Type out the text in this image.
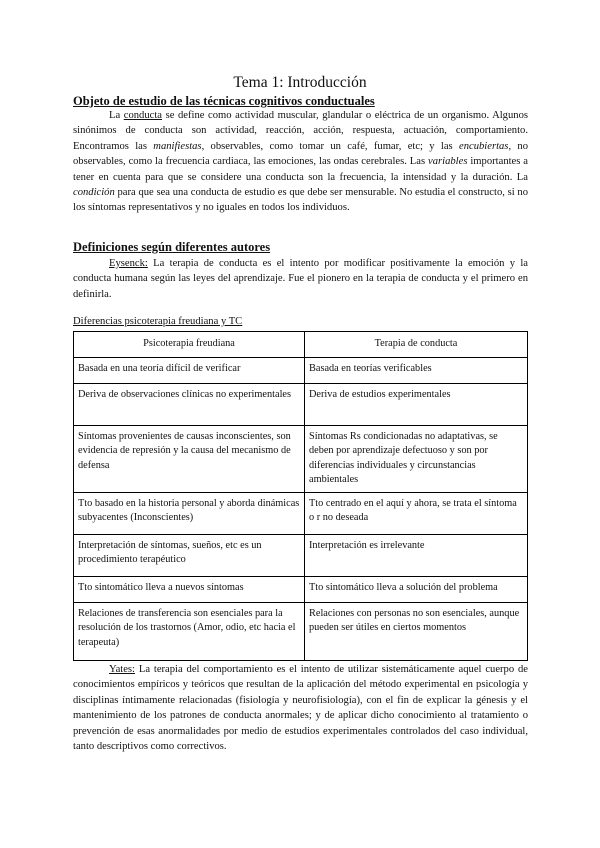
Tema 1: Introducción
Objeto de estudio de las técnicas cognitivos conductuales

La conducta se define como actividad muscular, glandular o eléctrica de un organismo. Algunos sinónimos de conducta son actividad, reacción, acción, respuesta, actuación, comportamiento. Encontramos las manifiestas, observables, como tomar un café, fumar, etc; y las encubiertas, no observables, como la frecuencia cardiaca, las emociones, las ondas cerebrales. Las variables importantes a tener en cuenta para que se considere una conducta son la frecuencia, la intensidad y la duración. La condición para que sea una conducta de estudio es que debe ser mensurable. No estudia el constructo, si no los síntomas representativos y no iguales en todos los individuos.

Definiciones según diferentes autores

Eysenck: La terapia de conducta es el intento por modificar positivamente la emoción y la conducta humana según las leyes del aprendizaje. Fue el pionero en la terapia de conducta y el primero en definirla.

Diferencias psicoterapia freudiana y TC
Psicoterapia freudiana	Terapia de conducta
Basada en una teoría difícil de verificar	Basada en teorías verificables
Deriva de observaciones clínicas no experimentales	Deriva de estudios experimentales
Síntomas provenientes de causas inconscientes, son evidencia de represión y la causa del mecanismo de defensa	Síntomas Rs condicionadas no adaptativas, se deben por aprendizaje defectuoso y son por diferencias individuales y circunstancias ambientales
Tto basado en la historia personal y aborda dinámicas subyacentes (Inconscientes)	Tto centrado en el aquí y ahora, se trata el síntoma o r no deseada
Interpretación de síntomas, sueños, etc es un procedimiento terapéutico	Interpretación es irrelevante
Tto sintomático lleva a nuevos síntomas	Tto sintomático lleva a solución del problema
Relaciones de transferencia son esenciales para la resolución de los trastornos (Amor, odio, etc hacia el terapeuta)	Relaciones con personas no son esenciales, aunque pueden ser útiles en ciertos momentos

Yates: La terapia del comportamiento es el intento de utilizar sistemáticamente aquel cuerpo de conocimientos empíricos y teóricos que resultan de la aplicación del método experimental en psicología y disciplinas íntimamente relacionadas (fisiología y neurofisiología), con el fin de explicar la génesis y el mantenimiento de los patrones de conducta anormales; y de aplicar dicho conocimiento al tratamiento o prevención de esas anormalidades por medio de estudios experimentales controlados del caso individual, tanto descriptivos como correctivos.
